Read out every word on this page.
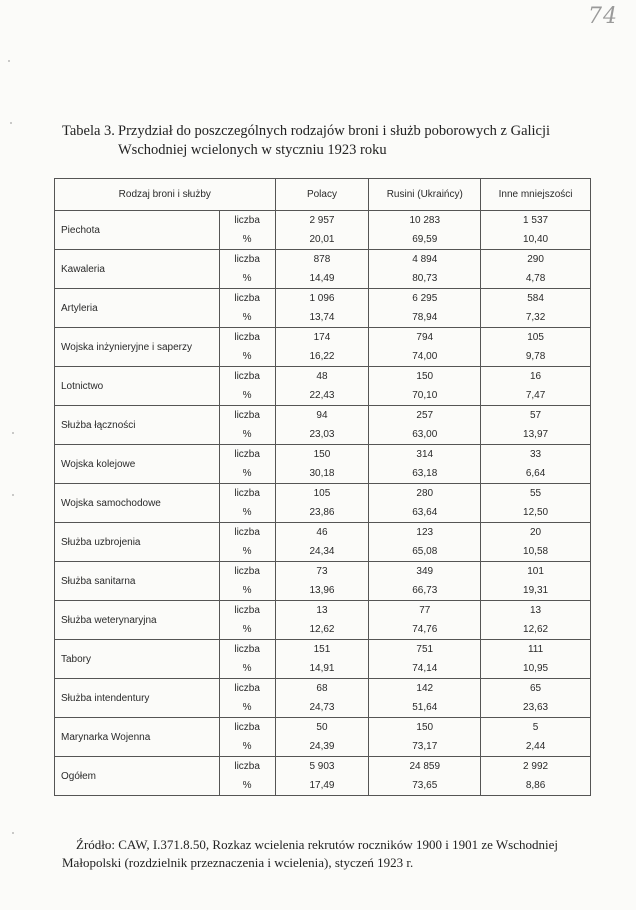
74
Tabela 3. Przydział do poszczególnych rodzajów broni i służb poborowych z Galicji
Wschodniej wcielonych w styczniu 1923 roku
Rodzaj broni i służby		Polacy	Rusini (Ukraińcy)	Inne mniejszości
Piechota	liczba	2 957	10 283	1 537
	%	20,01	69,59	10,40
Kawaleria	liczba	878	4 894	290
	%	14,49	80,73	4,78
Artyleria	liczba	1 096	6 295	584
	%	13,74	78,94	7,32
Wojska inżynieryjne i saperzy	liczba	174	794	105
	%	16,22	74,00	9,78
Lotnictwo	liczba	48	150	16
	%	22,43	70,10	7,47
Służba łączności	liczba	94	257	57
	%	23,03	63,00	13,97
Wojska kolejowe	liczba	150	314	33
	%	30,18	63,18	6,64
Wojska samochodowe	liczba	105	280	55
	%	23,86	63,64	12,50
Służba uzbrojenia	liczba	46	123	20
	%	24,34	65,08	10,58
Służba sanitarna	liczba	73	349	101
	%	13,96	66,73	19,31
Służba weterynaryjna	liczba	13	77	13
	%	12,62	74,76	12,62
Tabory	liczba	151	751	111
	%	14,91	74,14	10,95
Służba intendentury	liczba	68	142	65
	%	24,73	51,64	23,63
Marynarka Wojenna	liczba	50	150	5
	%	24,39	73,17	2,44
Ogółem	liczba	5 903	24 859	2 992
	%	17,49	73,65	8,86
Źródło: CAW, I.371.8.50, Rozkaz wcielenia rekrutów roczników 1900 i 1901 ze Wschodniej Małopolski (rozdzielnik przeznaczenia i wcielenia), styczeń 1923 r.
